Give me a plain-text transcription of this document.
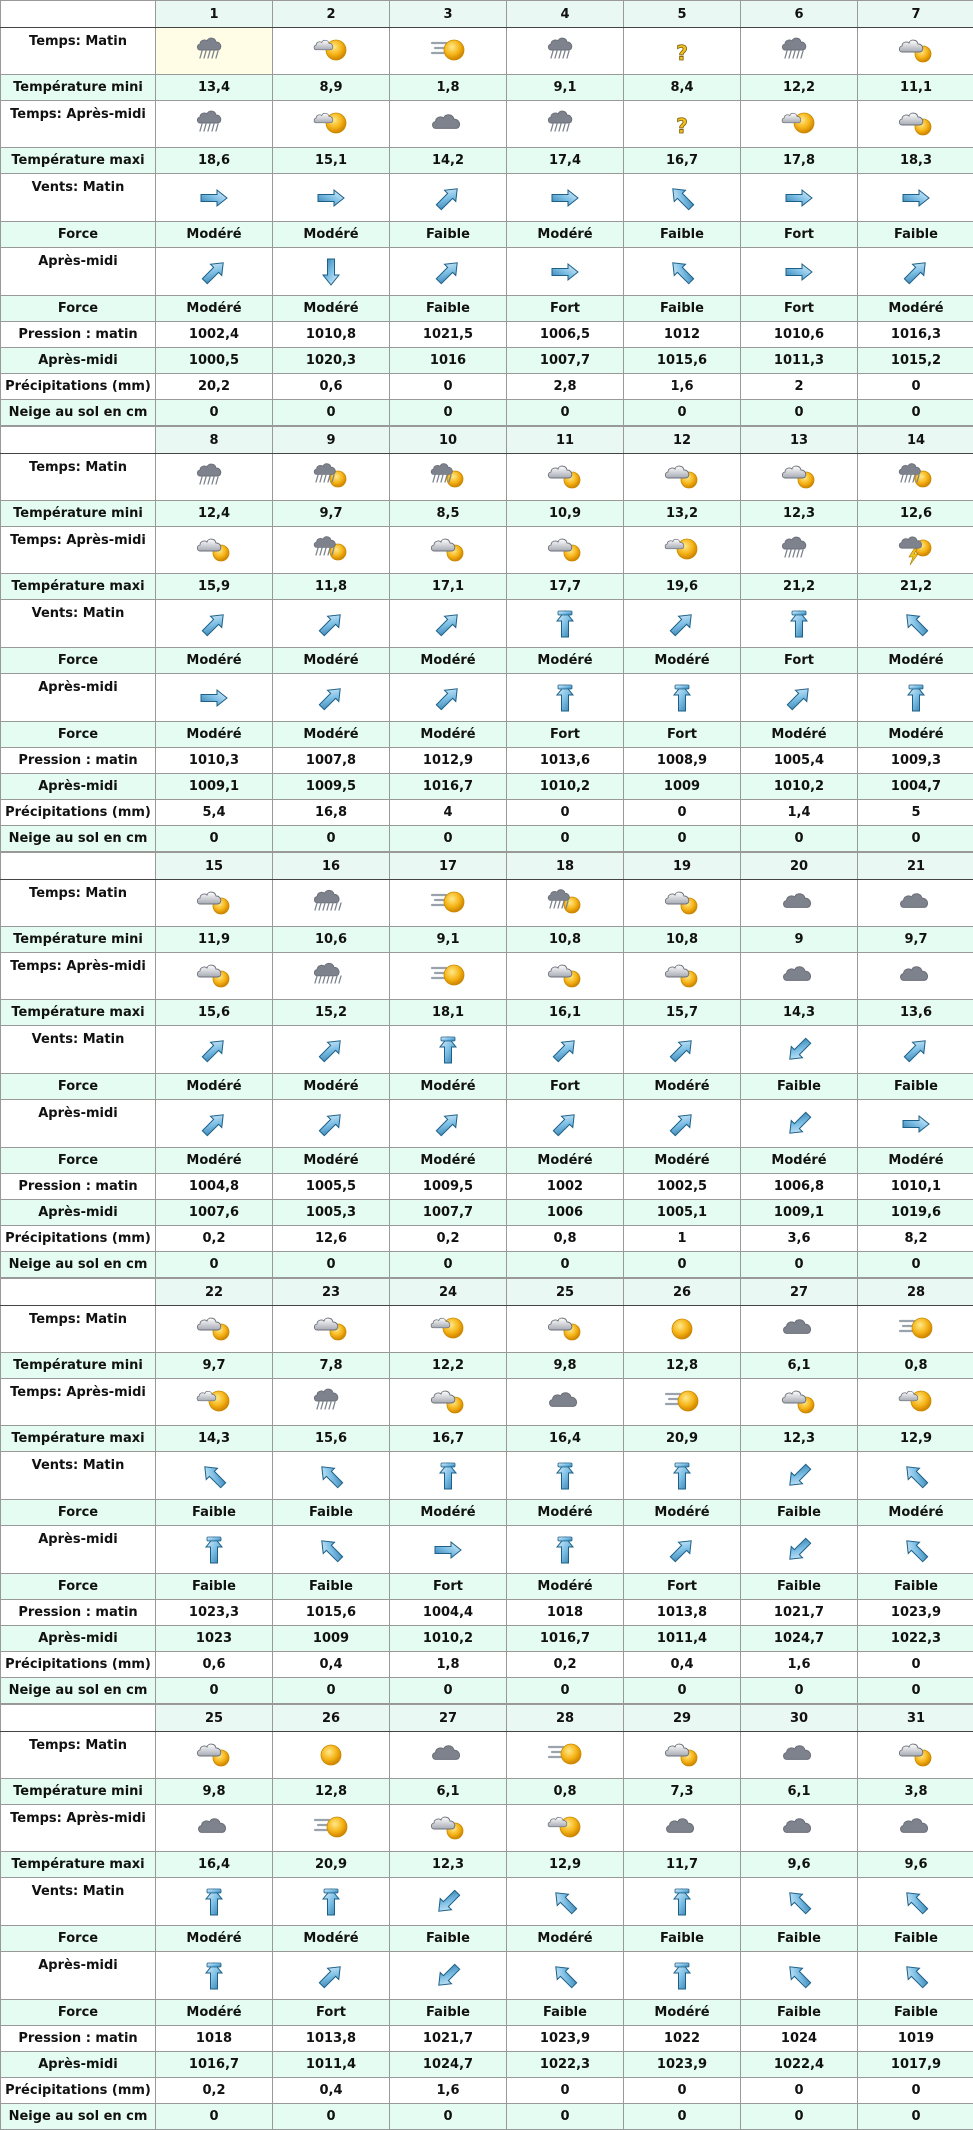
	1	2	3	4	5	6	7
Temps: Matin					?

Température mini	13,4	8,9	1,8	9,1	8,4	12,2	11,1
Temps: Après-midi					?

Température maxi	18,6	15,1	14,2	17,4	16,7	17,8	18,3
Vents: Matin	

Force	Modéré	Modéré	Faible	Modéré	Faible	Fort	Faible
Après-midi	

Force	Modéré	Modéré	Faible	Fort	Faible	Fort	Modéré
Pression : matin	1002,4	1010,8	1021,5	1006,5	1012	1010,6	1016,3
Après-midi	1000,5	1020,3	1016	1007,7	1015,6	1011,3	1015,2
Précipitations (mm)	20,2	0,6	0	2,8	1,6	2	0
Neige au sol en cm	0	0	0	0	0	0	0
	8	9	10	11	12	13	14
Temps: Matin	

Température mini	12,4	9,7	8,5	10,9	13,2	12,3	12,6
Temps: Après-midi	

Température maxi	15,9	11,8	17,1	17,7	19,6	21,2	21,2
Vents: Matin	

Force	Modéré	Modéré	Modéré	Modéré	Modéré	Fort	Modéré
Après-midi	

Force	Modéré	Modéré	Modéré	Fort	Fort	Modéré	Modéré
Pression : matin	1010,3	1007,8	1012,9	1013,6	1008,9	1005,4	1009,3
Après-midi	1009,1	1009,5	1016,7	1010,2	1009	1010,2	1004,7
Précipitations (mm)	5,4	16,8	4	0	0	1,4	5
Neige au sol en cm	0	0	0	0	0	0	0
	15	16	17	18	19	20	21
Temps: Matin	

Température mini	11,9	10,6	9,1	10,8	10,8	9	9,7
Temps: Après-midi	

Température maxi	15,6	15,2	18,1	16,1	15,7	14,3	13,6
Vents: Matin	

Force	Modéré	Modéré	Modéré	Fort	Modéré	Faible	Faible
Après-midi	

Force	Modéré	Modéré	Modéré	Modéré	Modéré	Modéré	Modéré
Pression : matin	1004,8	1005,5	1009,5	1002	1002,5	1006,8	1010,1
Après-midi	1007,6	1005,3	1007,7	1006	1005,1	1009,1	1019,6
Précipitations (mm)	0,2	12,6	0,2	0,8	1	3,6	8,2
Neige au sol en cm	0	0	0	0	0	0	0
	22	23	24	25	26	27	28
Temps: Matin	

Température mini	9,7	7,8	12,2	9,8	12,8	6,1	0,8
Temps: Après-midi	

Température maxi	14,3	15,6	16,7	16,4	20,9	12,3	12,9
Vents: Matin	

Force	Faible	Faible	Modéré	Modéré	Modéré	Faible	Modéré
Après-midi	

Force	Faible	Faible	Fort	Modéré	Fort	Faible	Faible
Pression : matin	1023,3	1015,6	1004,4	1018	1013,8	1021,7	1023,9
Après-midi	1023	1009	1010,2	1016,7	1011,4	1024,7	1022,3
Précipitations (mm)	0,6	0,4	1,8	0,2	0,4	1,6	0
Neige au sol en cm	0	0	0	0	0	0	0
	25	26	27	28	29	30	31
Temps: Matin	

Température mini	9,8	12,8	6,1	0,8	7,3	6,1	3,8
Temps: Après-midi	

Température maxi	16,4	20,9	12,3	12,9	11,7	9,6	9,6
Vents: Matin	

Force	Modéré	Modéré	Faible	Modéré	Faible	Faible	Faible
Après-midi	

Force	Modéré	Fort	Faible	Faible	Modéré	Faible	Faible
Pression : matin	1018	1013,8	1021,7	1023,9	1022	1024	1019
Après-midi	1016,7	1011,4	1024,7	1022,3	1023,9	1022,4	1017,9
Précipitations (mm)	0,2	0,4	1,6	0	0	0	0
Neige au sol en cm	0	0	0	0	0	0	0
